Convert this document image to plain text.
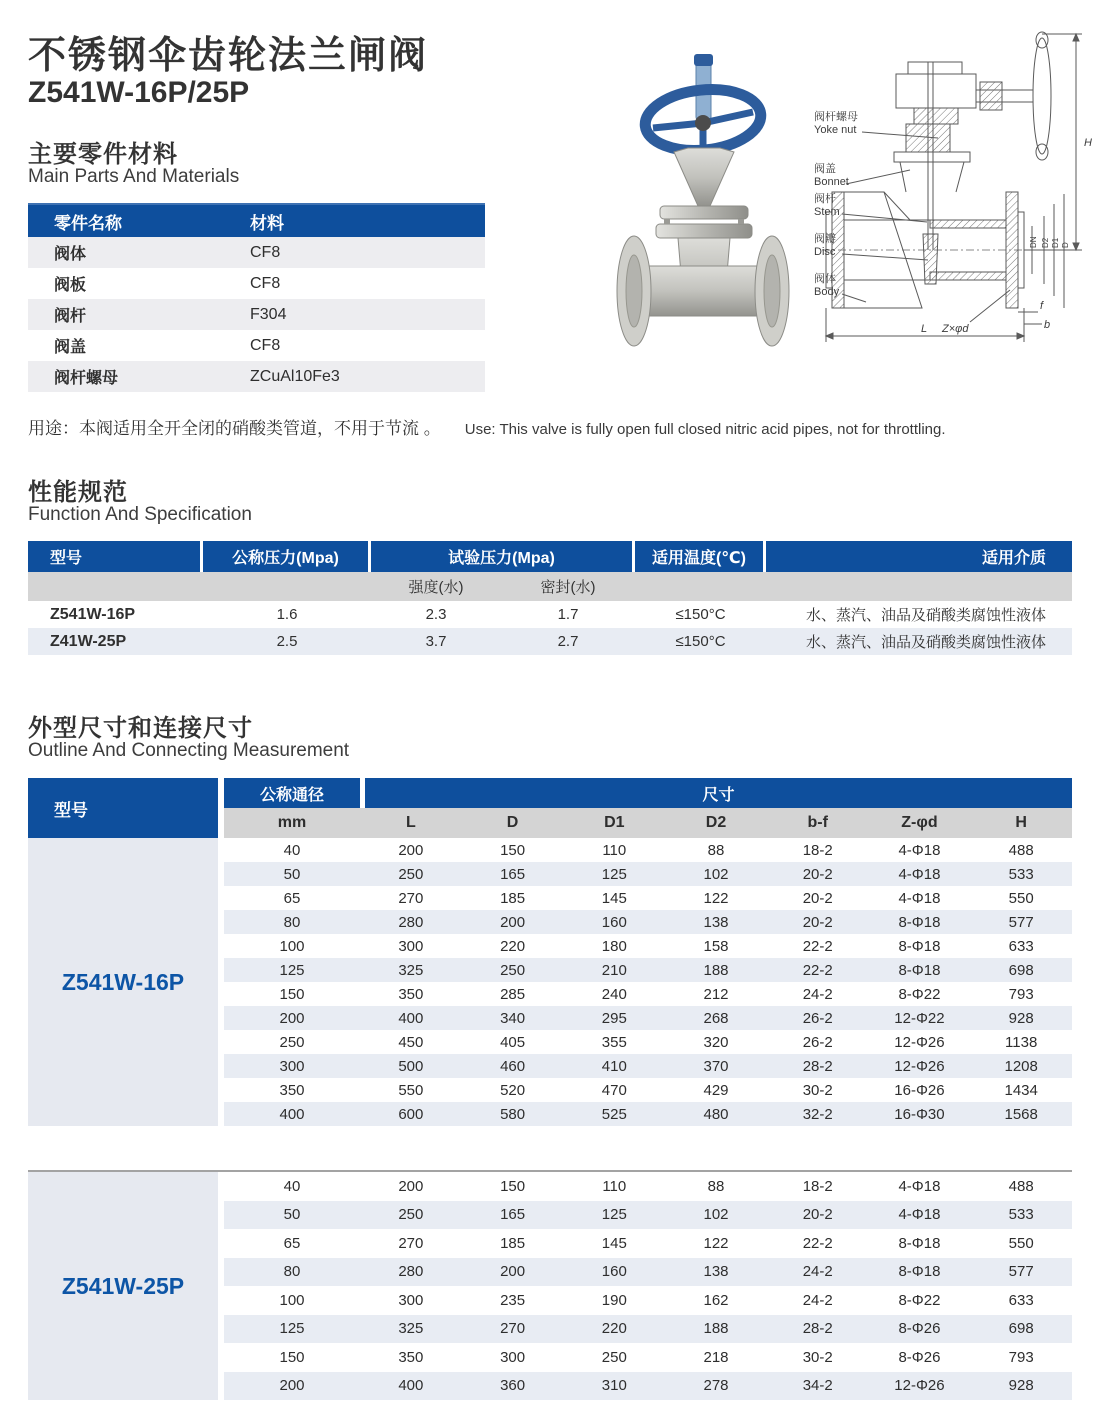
不锈钢伞齿轮法兰闸阀
Z541W-16P/25P
阀杆螺母
Yoke nut
阀盖
Bonnet
阀杆
Stem
阀瓣
Disc
阀体
Body
H
L
f
b
Z×φd
DN D2 D1 D
主要零件材料
Main Parts And Materials
零件名称	材料
阀体	CF8
阀板	CF8
阀杆	F304
阀盖	CF8
阀杆螺母	ZCuAl10Fe3
用途：本阀适用全开全闭的硝酸类管道，不用于节流 。 Use: This valve is fully open full closed nitric acid pipes, not for throttling.
性能规范
Function And Specification
型号	公称压力(Mpa)	试验压力(Mpa)	适用温度(℃)	适用介质
强度(水)	密封(水)
Z541W-16P	1.6	2.3	1.7	≤150°C	水、蒸汽、油品及硝酸类腐蚀性液体
Z41W-25P	2.5	3.7	2.7	≤150°C	水、蒸汽、油品及硝酸类腐蚀性液体
外型尺寸和连接尺寸
Outline And Connecting Measurement
型号
公称通径	尺寸
mm	L	D	D1	D2	b-f	Z-φd	H
Z541W-16P
40	200	150	110	88	18-2	4-Φ18	488
50	250	165	125	102	20-2	4-Φ18	533
65	270	185	145	122	20-2	4-Φ18	550
80	280	200	160	138	20-2	8-Φ18	577
100	300	220	180	158	22-2	8-Φ18	633
125	325	250	210	188	22-2	8-Φ18	698
150	350	285	240	212	24-2	8-Φ22	793
200	400	340	295	268	26-2	12-Φ22	928
250	450	405	355	320	26-2	12-Φ26	1138
300	500	460	410	370	28-2	12-Φ26	1208
350	550	520	470	429	30-2	16-Φ26	1434
400	600	580	525	480	32-2	16-Φ30	1568
Z541W-25P
40	200	150	110	88	18-2	4-Φ18	488
50	250	165	125	102	20-2	4-Φ18	533
65	270	185	145	122	22-2	8-Φ18	550
80	280	200	160	138	24-2	8-Φ18	577
100	300	235	190	162	24-2	8-Φ22	633
125	325	270	220	188	28-2	8-Φ26	698
150	350	300	250	218	30-2	8-Φ26	793
200	400	360	310	278	34-2	12-Φ26	928
